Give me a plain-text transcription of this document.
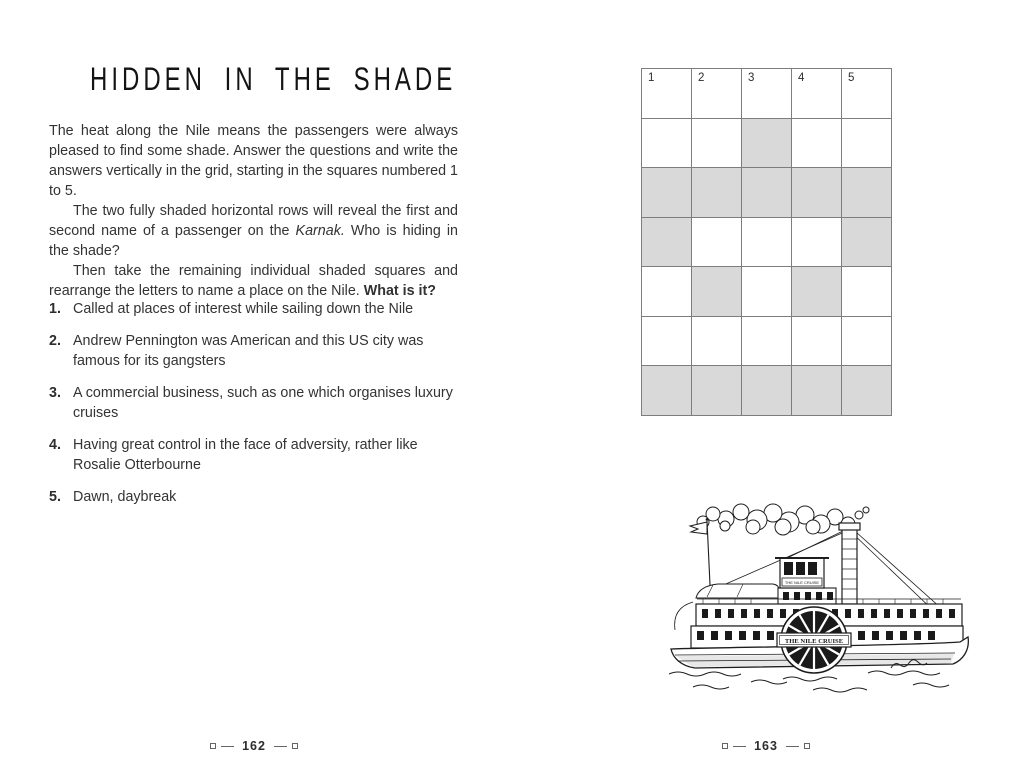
HIDDEN IN THE SHADE

The heat along the Nile means the passengers were always pleased to find some shade. Answer the questions and write the answers vertically in the grid, starting in the squares numbered 1 to 5.

The two fully shaded horizontal rows will reveal the first and second name of a passenger on the Karnak. Who is hiding in the shade?

Then take the remaining individual shaded squares and rearrange the letters to name a place on the Nile. What is it?

1. Called at places of interest while sailing down the Nile
2. Andrew Pennington was American and this US city was famous for its gangsters
3. A commercial business, such as one which organises luxury cruises
4. Having great control in the face of adversity, rather like Rosalie Otterbourne
5. Dawn, daybreak
1	2	3	4	5
THE NILE CRUISE
THE NILE CRUISE
162	163
